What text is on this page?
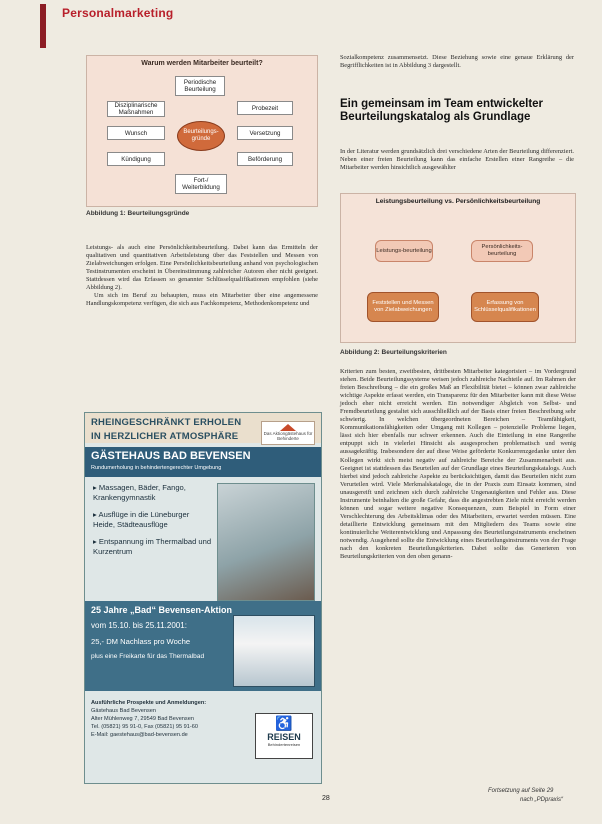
Personalmarketing
Warum werden Mitarbeiter beurteilt?
Periodische Beurteilung
Disziplinarische Maßnahmen
Probezeit
Wunsch	Beurteilungs-gründe
Versetzung
Kündigung	Beförderung
Fort-/ Weiterbildung
Abbildung 1: Beurteilungsgründe

Leistungs- als auch eine Persönlichkeitsbeurteilung. Dabei kann das Ermitteln der qualitativen und quantitativen Arbeitsleistung über das Feststellen und Messen von Zielabweichungen erfolgen. Eine Persönlichkeitsbeurteilung anhand von psychologischen Testinstrumenten erscheint in Übereinstimmung zahlreicher Autoren eher nicht geeignet. Stattdessen wird das Erfassen so genannter Schlüsselqualifikationen empfohlen (siehe Abbildung 2).

Um sich im Beruf zu behaupten, muss ein Mitarbeiter über eine angemessene Handlungskompetenz verfügen, die sich aus Fachkompetenz, Methodenkompetenz und

Sozialkompetenz zusammensetzt. Diese Beziehung sowie eine genaue Erklärung der Begrifflichkeiten ist in Abbildung 3 dargestellt.
Ein gemeinsam im Team entwickelter Beurteilungskatalog als Grundlage
In der Literatur werden grundsätzlich drei verschiedene Arten der Beurteilung differenziert. Neben einer freien Beurteilung kann das einfache Erstellen einer Rangreihe – die Mitarbeiter werden hinsichtlich ausgewählter
Leistungsbeurteilung vs. Persönlichkeitsbeurteilung
Leistungs-beurteilung
Persönlichkeits-beurteilung
Feststellen und Messen von Zielabweichungen
Erfassung von Schlüsselqualifikationen
Abbildung 2: Beurteilungskriterien
Kriterien zum besten, zweitbesten, drittbesten Mitarbeiter kategorisiert – im Vordergrund stehen. Beide Beurteilungssysteme weisen jedoch zahlreiche Nachteile auf. Im Rahmen der freien Beschreibung – die ein großes Maß an Flexibilität bietet – können zwar zahlreiche wichtige Aspekte erfasst werden, ein Transparenz für den Mitarbeiter kann mit diese Weise jedoch eher nicht erreicht werden. Ein notwendiger Abgleich von Selbst- und Fremdbeurteilung gestaltet sich ausschließlich auf der Basis einer freien Beschreibung sehr schwierig. In welchen übergeordneten Bereichen – Teamfähigkeit, Kommunikationsfähigkeiten oder Umgang mit Kollegen – potenzielle Probleme liegen, lässt sich hier ebenfalls nur schwer erkennen. Auch die Einteilung in eine Rangreihe entpuppt sich in vielerlei Hinsicht als ausgesprochen problematisch und wenig aussagekräftig. Insbesondere der auf diese Weise geförderte Konkurrenzgedanke unter den Kollegen wirkt sich meist negativ auf zahlreiche Bereiche der Zusammenarbeit aus. Geeignet ist stattdessen das Beurteilen auf der Grundlage eines Beurteilungskatalogs. Auch hierbei sind jedoch zahlreiche Aspekte zu berücksichtigen, damit das Beurteilen nicht zum Verurteilen wird. Viele Merkmalskataloge, die in der Praxis zum Einsatz kommen, sind unausgereift und zeichnen sich durch zahlreiche Ungenauigkeiten und Fehler aus. Diese Instrumente beinhalten die große Gefahr, dass die angestrebten Ziele nicht erreicht werden können und sogar weitere negative Konsequenzen, zum Beispiel in Form einer Verschlechterung des Arbeitsklimas oder des Mitarbeiters, erwartet werden müssen. Eine detaillierte Entwicklung gemeinsam mit den Mitgliedern des Teams sowie eine kontinuierliche Weiterentwicklung und Anpassung des Beurteilungsinstruments erscheinen notwendig. Ausgehend sollte die Entwicklung eines Beurteilungsinstruments von der Frage nach den konkreten Beurteilungskriterien. Dabei sollte das Generieren von Beurteilungskriterien von den oben genann-
RHEINGESCHRÄNKT ERHOLEN
IN HERZLICHER ATMOSPHÄRE	Das Aktiongästehaus für Behinderte
GÄSTEHAUS BAD BEVENSEN
Rundumerholung in behindertengerechter Umgebung
▸ Massagen, Bäder, Fango, Krankengymnastik
▸ Ausflüge in die Lüneburger Heide, Städteausflüge
▸ Entspannung im Thermalbad und Kurzentrum
25 Jahre „Bad“ Bevensen-Aktion
vom 15.10. bis 25.11.2001:
25,- DM Nachlass pro Woche
plus eine Freikarte für das Thermalbad
Ausführliche Prospekte und Anmeldungen:
Gästehaus Bad Bevensen
Alter Mühlenweg 7, 29549 Bad Bevensen
Tel. (05821) 95 91-0, Fax (05821) 95 91-60
E-Mail: gaestehaus@bad-bevensen.de
♿
REISEN
Behindertenreisen
28
Fortsetzung auf Seite 29
nach „PDpraxis“
